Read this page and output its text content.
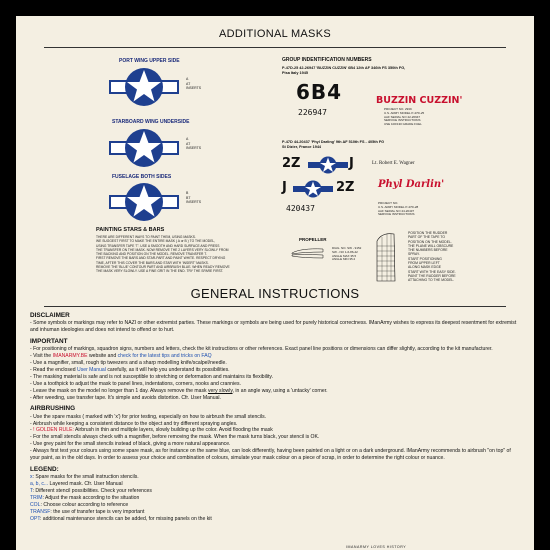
ADDITIONAL MASKS
PORT WING UPPER SIDE
A
AT
INSERTS
STARBOARD WING UNDERSIDE
A
AT
INSERTS
FUSELAGE BOTH SIDES
B
BT
INSERTS
PAINTING STARS & BARS
THERE ARE DIFFERENT WAYS TO PAINT THEM, USING MASKS.
WE SUGGEST FIRST TO MAKE THE ENTIRE MASK ( A or B ) TO THE MODEL,
USING TRANSFER TAPE 'T'. USE A SMOOTH AND HARD SURFACE AND PRESS
THE TRANSFER ON THE MASK. NOW REMOVE THE 2 LAYERS VERY SLOWLY FROM
THE BACKING AND POSITION ON THE MODEL. REMOVE TRANSFER T.
FIRST REMOVE THE BARS AND STAR-PART AND PAINT WHITE. RESPECT DRYING
TIME, AFTER THIS COVER THE BARS AND STAR WITH 'INSERT' MASKS.
REMOVE THE 'BLUE' CONTOUR PART AND AIRBRUSH BLUE. WHEN READY REMOVE
THE MASK VERY SLOWLY. USE A FINE GRIT IN THE END. TRY THE SPARE FIRST.
GROUP INDENTIFICATION NUMBERS
P-47D-25 42-26947 'BUZZIN CUZZIN' 6B4 12th AF 346th FS 350th FG,
Pisa Italy 1945
6B4
226947
BUZZIN CUZZIN'
PROJECT NO. 2939
U.S. ARMY MODEL P-47D-25
AAF SERIAL NO 42-26947
SERVICE INSTRUCTIONS
USE 100/130 GRADE FUEL
P-47D 44-20437 'Phyl Darling' 9th AF 510th FS - 405th FG
St Dizier, France 1944
2Z	J	Lt. Robert E. Wagner
J	2Z Phyl Darlin'
420437
PROJECT NO.
U.S. ARMY MODEL P-47D-28
AAF SERIAL NO 44-20437
SERVICE INSTRUCTIONS
PROPELLER
DIAG. NO. SW - 9152
SW - NO 1-6-86-42
ANGLE MAX 35.5
ANGLE MIN 35.2
POSITION THE RUDDER
PART OF THE TAPE TO
POSITION ON THE MODEL.
THE PLANE WILL OBSCURE
THE NUMBERS BEFORE
SPRAY.
START POSITIONING
FROM UPPER LEFT
ALONG MASK EDGE
START WITH THE EASY SIDE.
PAINT THE RUDDER BEFORE
ATTACHING TO THE MODEL.
GENERAL INSTRUCTIONS
DISCLAIMER

- Some symbols or markings may refer to NAZI or other extremist parties. These markings or symbols are being used for purely historical correctness. IManArmy wishes to express its deepest resentment for extremist and inhuman ideologies and does not intend to offend or to hurt.

IMPORTANT

- For positioning of markings, squadron signs, numbers and letters, check the kit instructions or other references. Exact panel line positions or dimensions can differ slightly, according to the kit manufacturer.

- Visit the IMANARMY.BE website and check for the latest tips and tricks on FAQ

- Use a magnifier, small, rough tip tweezers and a sharp modelling knife/scalpel/needle.

- Read the enclosed User Manual carefully, as it will help you understand its possibilities.

- The masking material is safe and is not susceptible to stretching or deformation and maintains its flexibility.

- Use a toothpick to adjust the mask to panel lines, indentations, corners, nooks and crannies.

- Leave the mask on the model no longer than 1 day. Always remove the mask very slowly, in an angle way, using a 'untacky' corner.

- After weeding, use transfer tape. It's simple and avoids distortion. Cfr. User Manual.

AIRBRUSHING

- Use the spare masks ( marked with 'x') for prior testing, especially on how to airbrush the small stencils.

- Airbrush while keeping a consistent distance to the object and try different spraying angles.

- ! GOLDEN RULE: Airbrush in thin and multiple layers, slowly building up the color. Avoid flooding the mask

- For the small stencils always check with a magnifier, before removing the mask. When the mask turns black, your stencil is OK.

- Use grey paint for the small stencils instead of black, giving a more natural appearance.

- Always first test your colours using some spare mask, as for instance on the same blue, can look differently, having been painted on a light or on a dark underground. IManArmy recommends to airbrush "on top" of your paint, as in the old days. In order to assess your choice and combination of colours, simulate your mask colour on a piece of scrap, in order to determine the right colour or nuance.

LEGEND:

x: Spare masks for the small instruction stencils.

a, b, c... Layered mask. Cfr. User Manual

T: Different stencil possibilities. Check your references

TRIM: Adjust the mask according to the situation

COL: Choose colour according to reference

TRANSF: the use of transfer tape is very important

OPT: additional maintenance stencils can be added, for missing panels on the kit

IMANARMY LOVES HISTORY
